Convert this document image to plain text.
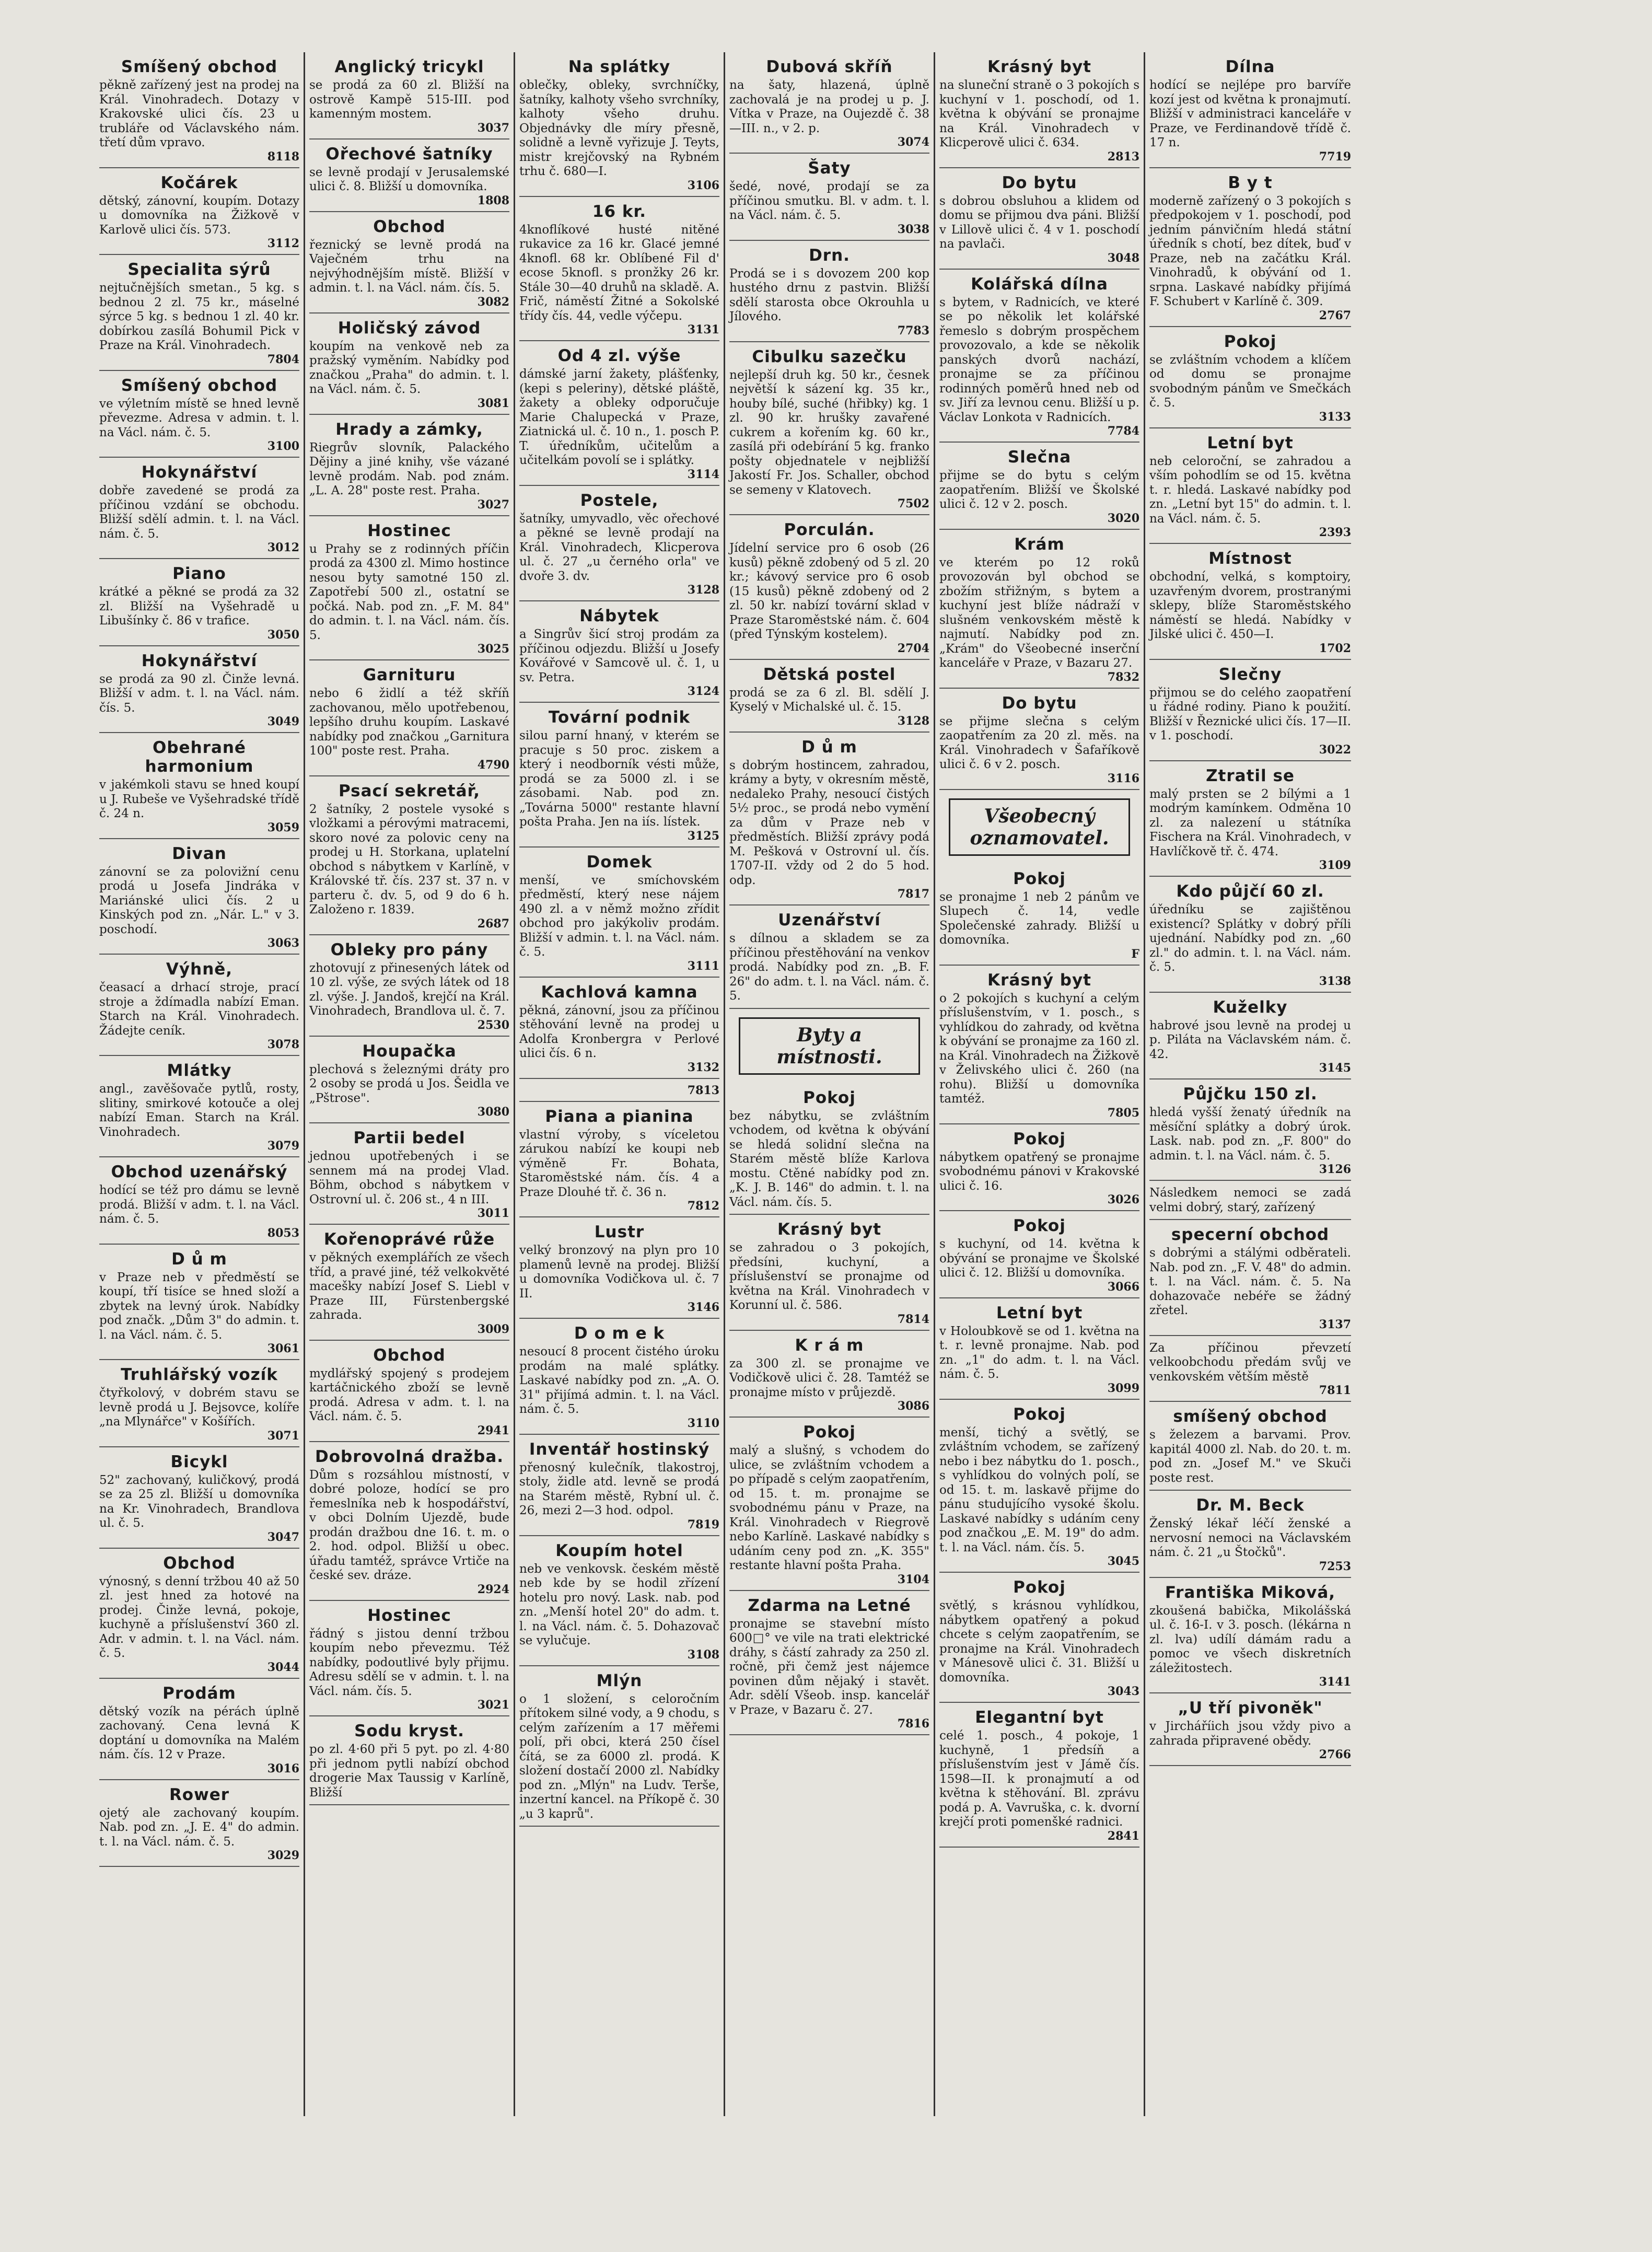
Smíšený obchod

pěkně zařízený jest na prodej na Král. Vinohradech. Dotazy v Krakovské ulici čís. 23 u trubláře od Václavského nám. třetí dům vpravo.

8118
Kočárek

dětský, zánovní, koupím. Dotazy u domovníka na Žižkově v Karlově ulici čís. 573.

3112
Specialita sýrů

nejtučnějších smetan., 5 kg. s bednou 2 zl. 75 kr., máselné sýrce 5 kg. s bednou 1 zl. 40 kr. dobírkou zasílá Bohumil Pick v Praze na Král. Vinohradech.

7804
Smíšený obchod

ve výletním místě se hned levně převezme. Adresa v admin. t. l. na Václ. nám. č. 5.

3100
Hokynářství

dobře zavedené se prodá za příčinou vzdání se obchodu. Bližší sdělí admin. t. l. na Václ. nám. č. 5.

3012
Piano

krátké a pěkné se prodá za 32 zl. Bližší na Vyšehradě u Libušínky č. 86 v trafice.

3050
Hokynářství

se prodá za 90 zl. Činže levná. Bližší v adm. t. l. na Václ. nám. čís. 5.

3049
Obehrané harmonium

v jakémkoli stavu se hned koupí u J. Rubeše ve Vyšehradské třídě č. 24 n.

3059
Divan

zánovní se za polovižní cenu prodá u Josefa Jindráka v Mariánské ulici čís. 2 u Kinských pod zn. „Nár. L." v 3. poschodí.

3063
Výhně,

čeasací a drhací stroje, prací stroje a ždímadla nabízí Eman. Starch na Král. Vinohradech. Žádejte ceník.

3078
Mlátky

angl., zavěšovače pytlů, rosty, slitiny, smirkové kotouče a olej nabízí Eman. Starch na Král. Vinohradech.

3079
Obchod uzenářský

hodící se též pro dámu se levně prodá. Bližší v adm. t. l. na Václ. nám. č. 5.

8053
D ů m

v Praze neb v předměstí se koupí, tří tisíce se hned složí a zbytek na levný úrok. Nabídky pod značk. „Dům 3" do admin. t. l. na Václ. nám. č. 5.

3061
Truhlářský vozík

čtyřkolový, v dobrém stavu se levně prodá u J. Bejsovce, kolíře „na Mlynářce" v Košířích.

3071
Bicykl

52" zachovaný, kuličkový, prodá se za 25 zl. Bližší u domovníka na Kr. Vinohradech, Brandlova ul. č. 5.

3047
Obchod

výnosný, s denní tržbou 40 až 50 zl. jest hned za hotové na prodej. Činže levná, pokoje, kuchyně a příslušenství 360 zl. Adr. v admin. t. l. na Václ. nám. č. 5.

3044
Prodám

dětský vozík na pérách úplně zachovaný. Cena levná K doptání u domovníka na Malém nám. čís. 12 v Praze.

3016
Rower

ojetý ale zachovaný koupím. Nab. pod zn. „J. E. 4" do admin. t. l. na Václ. nám. č. 5.

3029
Anglický tricykl

se prodá za 60 zl. Bližší na ostrově Kampě 515-III. pod kamenným mostem.

3037
Ořechové šatníky

se levně prodají v Jerusalemské ulici č. 8. Bližší u domovníka.

1808
Obchod

řeznický se levně prodá na Vaječném trhu na nejvýhodnějším místě. Bližší v admin. t. l. na Václ. nám. čís. 5.

3082
Holičský závod

koupím na venkově neb za pražský vyměním. Nabídky pod značkou „Praha" do admin. t. l. na Václ. nám. č. 5.

3081
Hrady a zámky,

Riegrův slovník, Palackého Dějiny a jiné knihy, vše vázané levně prodám. Nab. pod znám. „L. A. 28" poste rest. Praha.

3027
Hostinec

u Prahy se z rodinných příčin prodá za 4300 zl. Mimo hostince nesou byty samotné 150 zl. Zapotřebí 500 zl., ostatní se počká. Nab. pod zn. „F. M. 84" do admin. t. l. na Václ. nám. čís. 5.

3025
Garnituru

nebo 6 židlí a též skříň zachovanou, mělo upotřebenou, lepšího druhu koupím. Laskavé nabídky pod značkou „Garnitura 100" poste rest. Praha.

4790
Psací sekretář,

2 šatníky, 2 postele vysoké s vložkami a pérovými matracemi, skoro nové za polovic ceny na prodej u H. Storkana, uplatelní obchod s nábytkem v Karlíně, v Královské tř. čís. 237 st. 37 n. v parteru č. dv. 5, od 9 do 6 h. Založeno r. 1839.

2687
Obleky pro pány

zhotovují z přinesených látek od 10 zl. výše, ze svých látek od 18 zl. výše. J. Jandoš, krejčí na Král. Vinohradech, Brandlova ul. č. 7.

2530
Houpačka

plechová s železnými dráty pro 2 osoby se prodá u Jos. Šeidla ve „Pštrose".

3080
Partii bedel

jednou upotřebených i se sennem má na prodej Vlad. Böhm, obchod s nábytkem v Ostrovní ul. č. 206 st., 4 n III.

3011
Kořenoprávé růže

v pěkných exemplářích ze všech tříd, a pravé jiné, též velkokvěté macešky nabízí Josef S. Liebl v Praze III, Fürstenbergské zahrada.

3009
Obchod

mydlářský spojený s prodejem kartáčnického zboží se levně prodá. Adresa v adm. t. l. na Václ. nám. č. 5.

2941
Dobrovolná dražba.

Dům s rozsáhlou místností, v dobré poloze, hodící se pro řemeslníka neb k hospodářství, v obci Dolním Ujezdě, bude prodán dražbou dne 16. t. m. o 2. hod. odpol. Bližší u obec. úřadu tamtéž, správce Vrtiče na české sev. dráze.

2924
Hostinec

řádný s jistou denní tržbou koupím nebo převezmu. Též nabídky, podoutlivé byly přijmu. Adresu sdělí se v admin. t. l. na Václ. nám. čís. 5.

3021
Sodu kryst.

po zl. 4·60 při 5 pyt. po zl. 4·80 při jednom pytli nabízí obchod drogerie Max Taussig v Karlíně, Bližší

Na splátky

oblečky, obleky, svrchníčky, šatníky, kalhoty všeho svrchníky, kalhoty všeho druhu. Objednávky dle míry přesně, solidně a levně vyřizuje J. Teyts, mistr krejčovský na Rybném trhu č. 680—I.

3106
16 kr.

4knoflíkové husté nitěné rukavice za 16 kr. Glacé jemné 4knofl. 68 kr. Oblíbené Fil d' ecose 5knofl. s pronžky 26 kr. Stále 30—40 druhů na skladě. A. Frič, náměstí Žitné a Sokolské třídy čís. 44, vedle výčepu.

3131
Od 4 zl. výše

dámské jarní žakety, plášťenky, (kepi s peleriny), dětské pláště, žakety a obleky odporučuje Marie Chalupecká v Praze, Ziatnická ul. č. 10 n., 1. posch P. T. úředníkům, učitelům a učitelkám povolí se i splátky.

3114
Postele,

šatníky, umyvadlo, věc ořechové a pěkné se levně prodají na Král. Vinohradech, Klicperova ul. č. 27 „u černého orla" ve dvoře 3. dv.

3128
Nábytek

a Singrův šicí stroj prodám za příčinou odjezdu. Bližší u Josefy Kovářové v Samcově ul. č. 1, u sv. Petra.

3124
Tovární podnik

silou parní hnaný, v kterém se pracuje s 50 proc. ziskem a který i neodborník vésti může, prodá se za 5000 zl. i se zásobami. Nab. pod zn. „Továrna 5000" restante hlavní pošta Praha. Jen na iís. lístek.

3125
Domek

menší, ve smíchovském předměstí, který nese nájem 490 zl. a v němž možno zřídit obchod pro jakýkoliv prodám. Bližší v admin. t. l. na Václ. nám. č. 5.

3111
Kachlová kamna

pěkná, zánovní, jsou za příčinou stěhování levně na prodej u Adolfa Kronbergra v Perlové ulici čís. 6 n.

3132

7813
Piana a pianina

vlastní výroby, s víceletou zárukou nabízí ke koupi neb výměně Fr. Bohata, Staroměstské nám. čís. 4 a Praze Dlouhé tř. č. 36 n.

7812
Lustr

velký bronzový na plyn pro 10 plamenů levně na prodej. Bližší u domovníka Vodičkova ul. č. 7 II.

3146
D o m e k

nesoucí 8 procent čistého úroku prodám na malé splátky. Laskavé nabídky pod zn. „A. O. 31" přijímá admin. t. l. na Václ. nám. č. 5.

3110
Inventář hostinský

přenosný kulečník, tlakostroj, stoly, židle atd. levně se prodá na Starém městě, Rybní ul. č. 26, mezi 2—3 hod. odpol.

7819
Koupím hotel

neb ve venkovsk. českém městě neb kde by se hodil zřízení hotelu pro nový. Lask. nab. pod zn. „Menší hotel 20" do adm. t. l. na Václ. nám. č. 5. Dohazovač se vylučuje.

3108
Mlýn

o 1 složení, s celoročním přítokem silné vody, a 9 chodu, s celým zařízením a 17 měřemi polí, při obci, která 250 čísel čítá, se za 6000 zl. prodá. K složení dostačí 2000 zl. Nabídky pod zn. „Mlýn" na Ludv. Terše, inzertní kancel. na Příkopě č. 30 „u 3 kaprů".

Dubová skříň

na šaty, hlazená, úplně zachovalá je na prodej u p. J. Vítka v Praze, na Oujezdě č. 38—III. n., v 2. p.

3074
Šaty

šedé, nové, prodají se za příčinou smutku. Bl. v adm. t. l. na Václ. nám. č. 5.

3038
Drn.

Prodá se i s dovozem 200 kop hustého drnu z pastvin. Bližší sdělí starosta obce Okrouhla u Jílového.

7783
Cibulku sazečku

nejlepší druh kg. 50 kr., česnek největší k sázení kg. 35 kr., houby bílé, suché (hřibky) kg. 1 zl. 90 kr. hrušky zavařené cukrem a kořením kg. 60 kr., zasílá při odebírání 5 kg. franko pošty objednatele v nejbližší Jakostí Fr. Jos. Schaller, obchod se semeny v Klatovech.

7502
Porculán.

Jídelní service pro 6 osob (26 kusů) pěkně zdobený od 5 zl. 20 kr.; kávový service pro 6 osob (15 kusů) pěkně zdobený od 2 zl. 50 kr. nabízí tovární sklad v Praze Staroměstské nám. č. 604 (před Týnským kostelem).

2704
Dětská postel

prodá se za 6 zl. Bl. sdělí J. Kyselý v Michalské ul. č. 15.

3128
D ů m

s dobrým hostincem, zahradou, krámy a byty, v okresním městě, nedaleko Prahy, nesoucí čistých 5½ proc., se prodá nebo vymění za dům v Praze neb v předměstích. Bližší zprávy podá M. Pešková v Ostrovní ul. čís. 1707-II. vždy od 2 do 5 hod. odp.

7817
Uzenářství

s dílnou a skladem se za příčinou přestěhování na venkov prodá. Nabídky pod zn. „B. F. 26" do adm. t. l. na Václ. nám. č. 5.

Byty a místnosti.
Pokoj

bez nábytku, se zvláštním vchodem, od května k obývání se hledá solidní slečna na Starém městě blíže Karlova mostu. Ctěné nabídky pod zn. „K. J. B. 146" do admin. t. l. na Václ. nám. čís. 5.

Krásný byt

se zahradou o 3 pokojích, předsíni, kuchyní, a příslušenství se pronajme od května na Král. Vinohradech v Korunní ul. č. 586.

7814
K r á m

za 300 zl. se pronajme ve Vodičkově ulici č. 28. Tamtéž se pronajme místo v průjezdě.

3086
Pokoj

malý a slušný, s vchodem do ulice, se zvláštním vchodem a po případě s celým zaopatřením, od 15. t. m. pronajme se svobodnému pánu v Praze, na Král. Vinohradech v Riegrově nebo Karlíně. Laskavé nabídky s udáním ceny pod zn. „K. 355" restante hlavní pošta Praha.

3104
Zdarma na Letné

pronajme se stavební místo 600□° ve vile na trati elektrické dráhy, s částí zahrady za 250 zl. ročně, při čemž jest nájemce povinen dům nějaký i stavět. Adr. sdělí Všeob. insp. kancelář v Praze, v Bazaru č. 27.

7816
Krásný byt

na sluneční straně o 3 pokojích s kuchyní v 1. poschodí, od 1. května k obývání se pronajme na Král. Vinohradech v Klicperově ulici č. 634.

2813
Do bytu

s dobrou obsluhou a klidem od domu se přijmou dva páni. Bližší v Lillově ulici č. 4 v 1. poschodí na pavlači.

3048
Kolářská dílna

s bytem, v Radnicích, ve které se po několik let kolářské řemeslo s dobrým prospěchem provozovalo, a kde se několik panských dvorů nachází, pronajme se za příčinou rodinných poměrů hned neb od sv. Jiří za levnou cenu. Bližší u p. Václav Lonkota v Radnicích.

7784
Slečna

přijme se do bytu s celým zaopatřením. Bližší ve Školské ulici č. 12 v 2. posch.

3020
Krám

ve kterém po 12 roků provozován byl obchod se zbožím střižným, s bytem a kuchyní jest blíže nádraží v slušném venkovském městě k najmutí. Nabídky pod zn. „Krám" do Všeobecné inserční kanceláře v Praze, v Bazaru 27.

7832
Do bytu

se přijme slečna s celým zaopatřením za 20 zl. měs. na Král. Vinohradech v Šafaříkově ulici č. 6 v 2. posch.

3116
Všeobecný oznamovatel.
Pokoj

se pronajme 1 neb 2 pánům ve Slupech č. 14, vedle Společenské zahrady. Bližší u domovníka.

F
Krásný byt

o 2 pokojích s kuchyní a celým příslušenstvím, v 1. posch., s vyhlídkou do zahrady, od května k obývání se pronajme za 160 zl. na Král. Vinohradech na Žižkově v Želivského ulici č. 260 (na rohu). Bližší u domovníka tamtéž.

7805
Pokoj

nábytkem opatřený se pronajme svobodnému pánovi v Krakovské ulici č. 16.

3026
Pokoj

s kuchyní, od 14. května k obývání se pronajme ve Školské ulici č. 12. Bližší u domovníka.

3066
Letní byt

v Holoubkově se od 1. května na t. r. levně pronajme. Nab. pod zn. „1" do adm. t. l. na Václ. nám. č. 5.

3099
Pokoj

menší, tichý a světlý, se zvláštním vchodem, se zařízený nebo i bez nábytku do 1. posch., s vyhlídkou do volných polí, se od 15. t. m. laskavě přijme do pánu studujícího vysoké školu. Laskavé nabídky s udáním ceny pod značkou „E. M. 19" do adm. t. l. na Václ. nám. čís. 5.

3045
Pokoj

světlý, s krásnou vyhlídkou, nábytkem opatřený a pokud chcete s celým zaopatřením, se pronajme na Král. Vinohradech v Mánesově ulici č. 31. Bližší u domovníka.

3043
Elegantní byt

celé 1. posch., 4 pokoje, 1 kuchyně, 1 předsíň a příslušenstvím jest v Jámě čís. 1598—II. k pronajmutí a od května k stěhování. Bl. zprávu podá p. A. Vavruška, c. k. dvorní krejčí proti pomenšké radnici.

2841
Dílna

hodící se nejlépe pro barvíře kozí jest od května k pronajmutí. Bližší v administraci kanceláře v Praze, ve Ferdinandově třídě č. 17 n.

7719
B y t

moderně zařízený o 3 pokojích s předpokojem v 1. poschodí, pod jedním pánvičním hledá státní úředník s chotí, bez dítek, buď v Praze, neb na začátku Král. Vinohradů, k obývání od 1. srpna. Laskavé nabídky přijímá F. Schubert v Karlíně č. 309.

2767
Pokoj

se zvláštním vchodem a klíčem od domu se pronajme svobodným pánům ve Smečkách č. 5.

3133
Letní byt

neb celoroční, se zahradou a vším pohodlím se od 15. května t. r. hledá. Laskavé nabídky pod zn. „Letní byt 15" do admin. t. l. na Václ. nám. č. 5.

2393
Místnost

obchodní, velká, s komptoiry, uzavřeným dvorem, prostranými sklepy, blíže Staroměstského náměstí se hledá. Nabídky v Jilské ulici č. 450—I.

1702
Slečny

přijmou se do celého zaopatření u řádné rodiny. Piano k použití. Bližší v Řeznické ulici čís. 17—II. v 1. poschodí.

3022
Ztratil se

malý prsten se 2 bílými a 1 modrým kamínkem. Odměna 10 zl. za nalezení u státníka Fischera na Král. Vinohradech, v Havlíčkově tř. č. 474.

3109
Kdo půjčí 60 zl.

úředníku se zajištěnou existencí? Splátky v dobrý příli ujednání. Nabídky pod zn. „60 zl." do admin. t. l. na Václ. nám. č. 5.

3138
Kuželky

habrové jsou levně na prodej u p. Piláta na Václavském nám. č. 42.

3145
Půjčku 150 zl.

hledá vyšší ženatý úředník na měsíční splátky a dobrý úrok. Lask. nab. pod zn. „F. 800" do admin. t. l. na Václ. nám. č. 5.

3126

Následkem nemoci se zadá velmi dobrý, starý, zařízený

specerní obchod

s dobrými a stálými odběrateli. Nab. pod zn. „F. V. 48" do admin. t. l. na Václ. nám. č. 5. Na dohazovače nebéře se žádný zřetel.

3137

Za příčinou převzetí velkoobchodu předám svůj ve venkovském větším městě

7811
smíšený obchod

s železem a barvami. Prov. kapitál 4000 zl. Nab. do 20. t. m. pod zn. „Josef M." ve Skuči poste rest.

Dr. M. Beck

Ženský lékař léčí ženské a nervosní nemoci na Václavském nám. č. 21 „u Štočků".

7253
Františka Miková,

zkoušená babička, Mikolášská ul. č. 16-I. v 3. posch. (lékárna n zl. lva) udílí dámám radu a pomoc ve všech diskretních záležitostech.

3141
„U tří pivonĕk"

v Jircháříich jsou vždy pivo a zahrada připravené obědy.

2766
